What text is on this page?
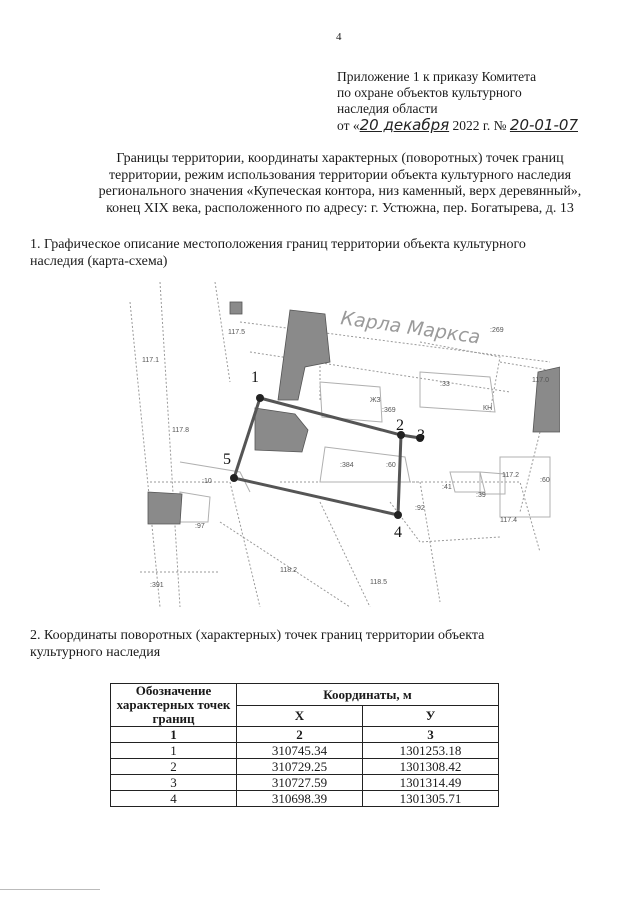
4
Приложение 1 к приказу Комитета
по охране объектов культурного
наследия области
от «20 декабря 2022 г. № 20-01-07
Границы территории, координаты характерных (поворотных) точек границ
территории, режим использования территории объекта культурного наследия
регионального значения «Купеческая контора, низ каменный, верх деревянный»,
конец XIX века, расположенного по адресу: г. Устюжна, пер. Богатырева, д. 13
1. Графическое описание местоположения границ территории объекта культурного
наследия (карта-схема)
1
2
3
4
5
Карла Маркса
:369
:33
:384	:60
:41
:39
:92
:10
:97
:391
:269
ЖЗ
КН
117.2
117.5
117.1
117.8
117.0
118.2
118.5
117.4
:60
2. Координаты поворотных (характерных) точек границ территории объекта
культурного наследия
Обозначение характерных точек границ	Координаты, м	
	X	У
1	2	3
1	310745.34	1301253.18
2	310729.25	1301308.42
3	310727.59	1301314.49
4	310698.39	1301305.71
